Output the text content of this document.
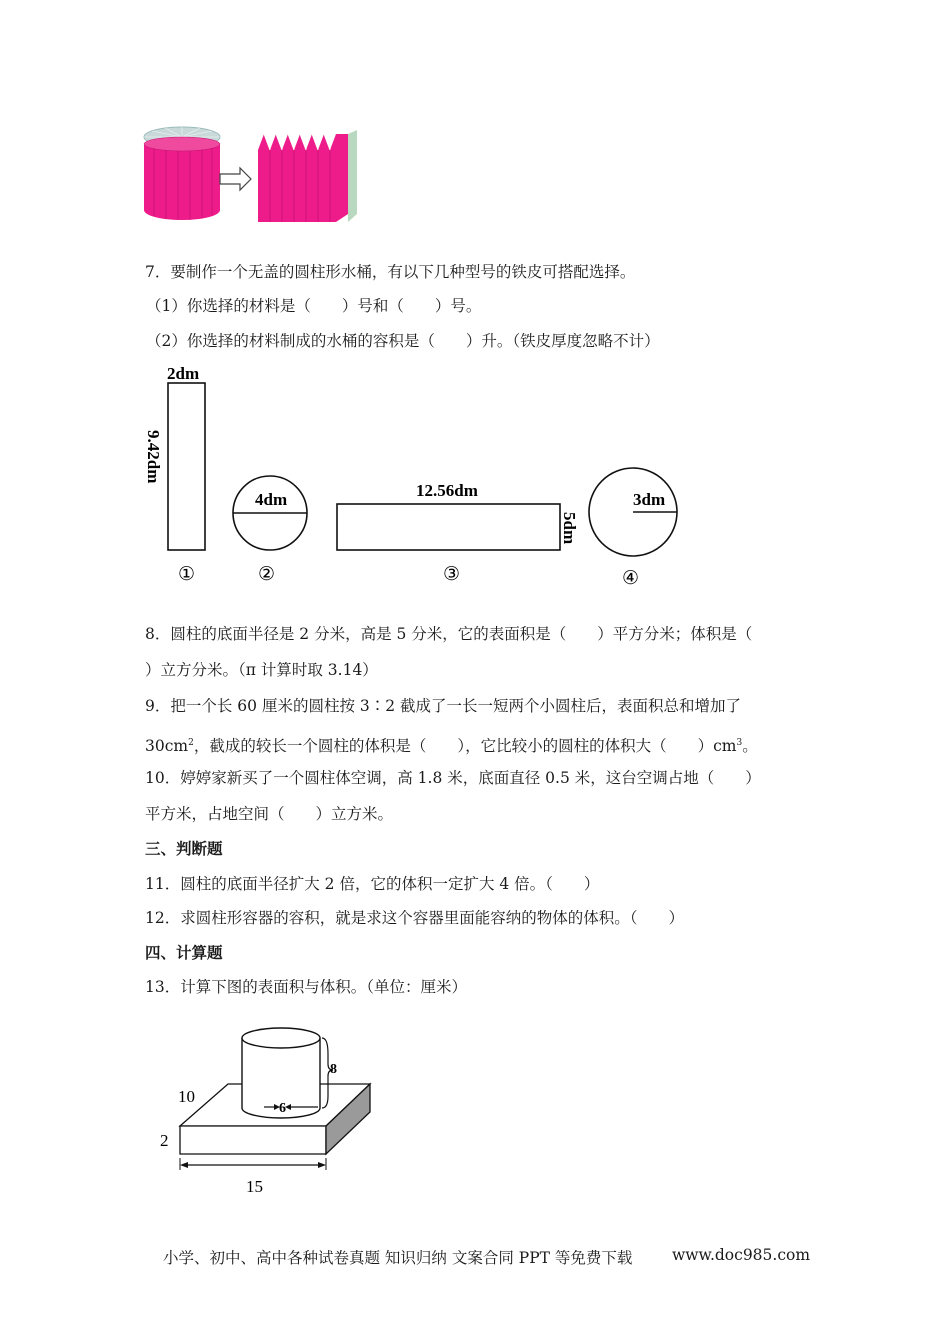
7．要制作一个无盖的圆柱形水桶，有以下几种型号的铁皮可搭配选择。
（1）你选择的材料是（　　）号和（　　）号。
（2）你选择的材料制成的水桶的容积是（　　）升。（铁皮厚度忽略不计）
2dm
9.42dm
①
4dm
②
12.56dm
5dm
③
3dm
④
8．圆柱的底面半径是 2 分米，高是 5 分米，它的表面积是（　　）平方分米；体积是（
）立方分米。（π 计算时取 3.14）
9．把一个长 60 厘米的圆柱按 3∶2 截成了一长一短两个小圆柱后，表面积总和增加了
$30cm^2$，截成的较长一个圆柱的体积是（　　），它比较小的圆柱的体积大（　　）$cm^3$。
10．婷婷家新买了一个圆柱体空调，高 1.8 米，底面直径 0.5 米，这台空调占地（　　）
平方米，占地空间（　　）立方米。
三、判断题
11．圆柱的底面半径扩大 2 倍，它的体积一定扩大 4 倍。（　　）
12．求圆柱形容器的容积，就是求这个容器里面能容纳的物体的体积。（　　）
四、计算题
13．计算下图的表面积与体积。（单位：厘米）
6
8
10
2
15
小学、初中、高中各种试卷真题 知识归纳 文案合同 PPT 等免费下载	www.doc985.com
